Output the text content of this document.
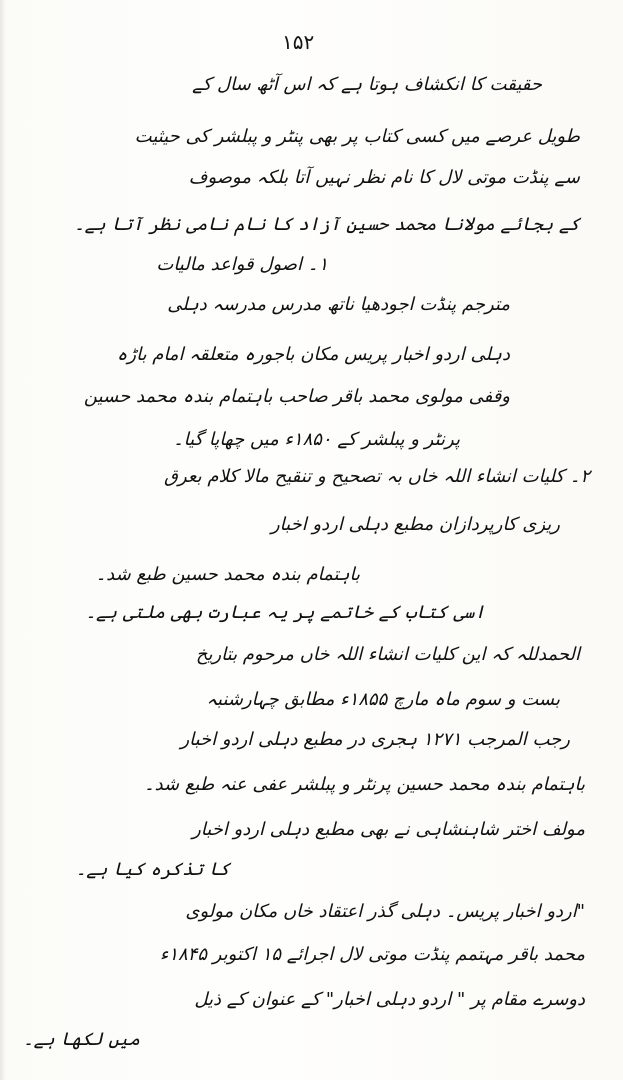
۱۵۲
حقیقت کا انکشاف ہوتا ہے کہ اس آٹھ سال کے
طویل عرصے میں کسی کتاب پر بھی پنٹر و پبلشر کی حیثیت
سے پنڈت موتی لال کا نام نظر نہیں آتا بلکہ موصوف
کے بجائے مولانا محمد حسین آزاد کا نام نامی نظر آتا ہے۔
۱۔ اصول قواعد مالیات
مترجم پنڈت اجودھیا ناتھ مدرس مدرسہ دہلی
دہلی اردو اخبار پریس مکان باجورہ متعلقہ امام باڑہ
وقفی مولوی محمد باقر صاحب باہتمام بندہ محمد حسین
پرنٹر و پبلشر کے ۱۸۵۰ء میں چھاپا گیا۔
۲۔ کلیات انشاء اللہ خاں بہ تصحیح و تنقیح مالا کلام بعرق
ریزی کارپردازان مطبع دہلی اردو اخبار
باہتمام بندہ محمد حسین طبع شد۔
اسی کتاب کے خاتمے پر یہ عبارت بھی ملتی ہے۔
الحمدللہ کہ این کلیات انشاء اللہ خاں مرحوم بتاریخ
بست و سوم ماہ مارچ ۱۸۵۵ء مطابق چہارشنبہ
رجب المرجب ۱۲۷۱ ہجری در مطبع دہلی اردو اخبار
باہتمام بندہ محمد حسین پرنٹر و پبلشر عفی عنہ طبع شد۔
مولف اختر شاہنشاہی نے بھی مطبع دہلی اردو اخبار
کا تذکرہ کیا ہے۔
"اردو اخبار پریس۔ دہلی گذر اعتقاد خاں مکان مولوی
محمد باقر مہتمم پنڈت موتی لال اجرائے ۱۵ اکتوبر ۱۸۴۵ء
دوسرے مقام پر " اردو دہلی اخبار" کے عنوان کے ذیل
میں لکھا ہے۔
